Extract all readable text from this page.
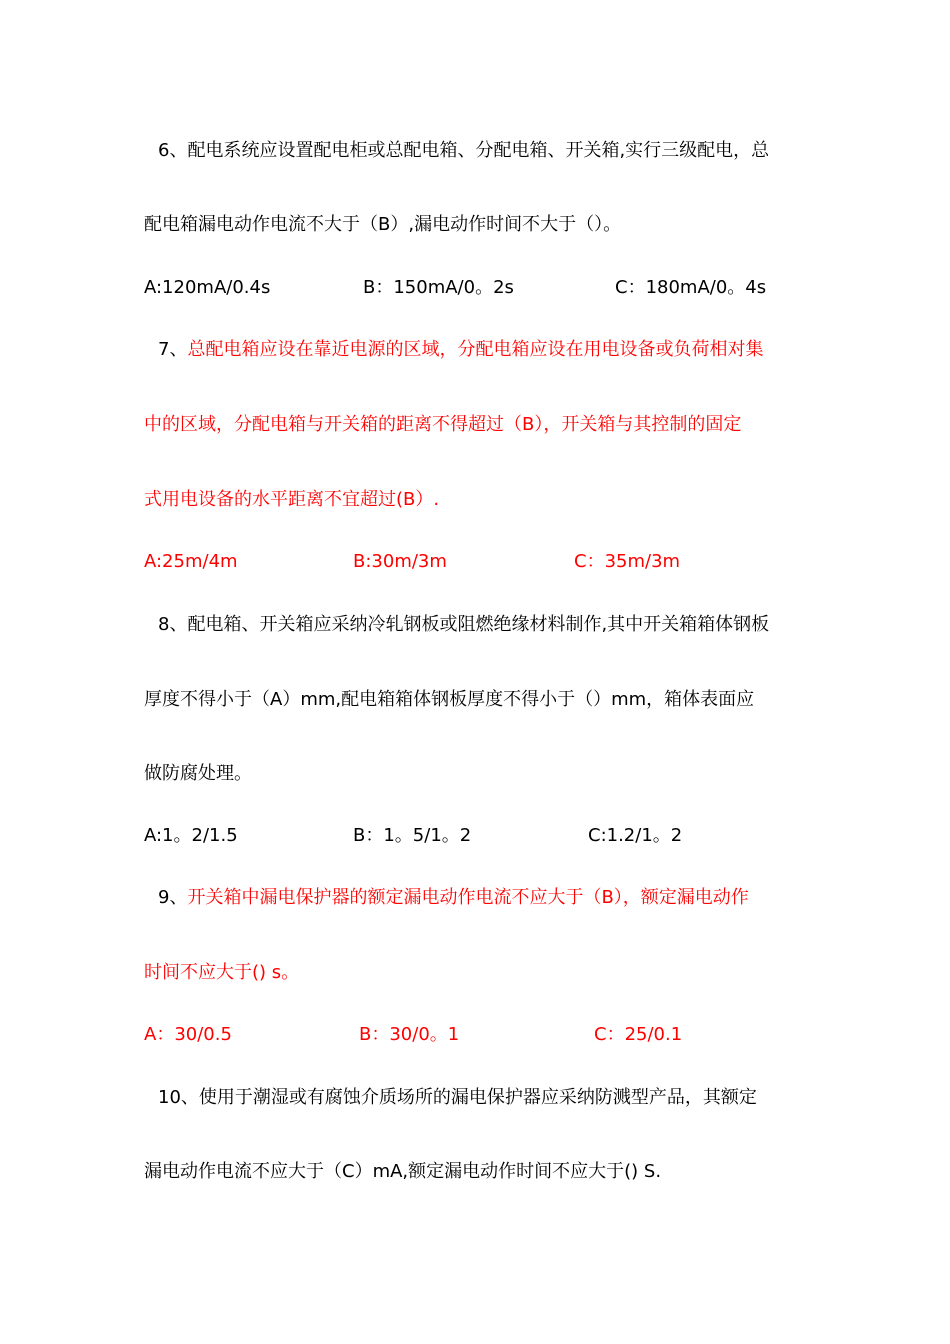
6、配电系统应设置配电柜或总配电箱、分配电箱、开关箱,实行三级配电，总

配电箱漏电动作电流不大于（B）,漏电动作时间不大于（）。

A:120mA/0.4s	B：150mA/0。2s	C：180mA/0。4s

7、总配电箱应设在靠近电源的区域，分配电箱应设在用电设备或负荷相对集

中的区域，分配电箱与开关箱的距离不得超过（B），开关箱与其控制的固定

式用电设备的水平距离不宜超过(B）.

A:25m/4m	B:30m/3m	C：35m/3m

8、配电箱、开关箱应采纳冷轧钢板或阻燃绝缘材料制作,其中开关箱箱体钢板

厚度不得小于（A）mm,配电箱箱体钢板厚度不得小于（）mm，箱体表面应

做防腐处理。

A:1。2/1.5	B：1。5/1。2	C:1.2/1。2

9、开关箱中漏电保护器的额定漏电动作电流不应大于（B），额定漏电动作

时间不应大于() s。

A：30/0.5	B：30/0。1	C：25/0.1

10、使用于潮湿或有腐蚀介质场所的漏电保护器应采纳防溅型产品，其额定

漏电动作电流不应大于（C）mA,额定漏电动作时间不应大于() S.
